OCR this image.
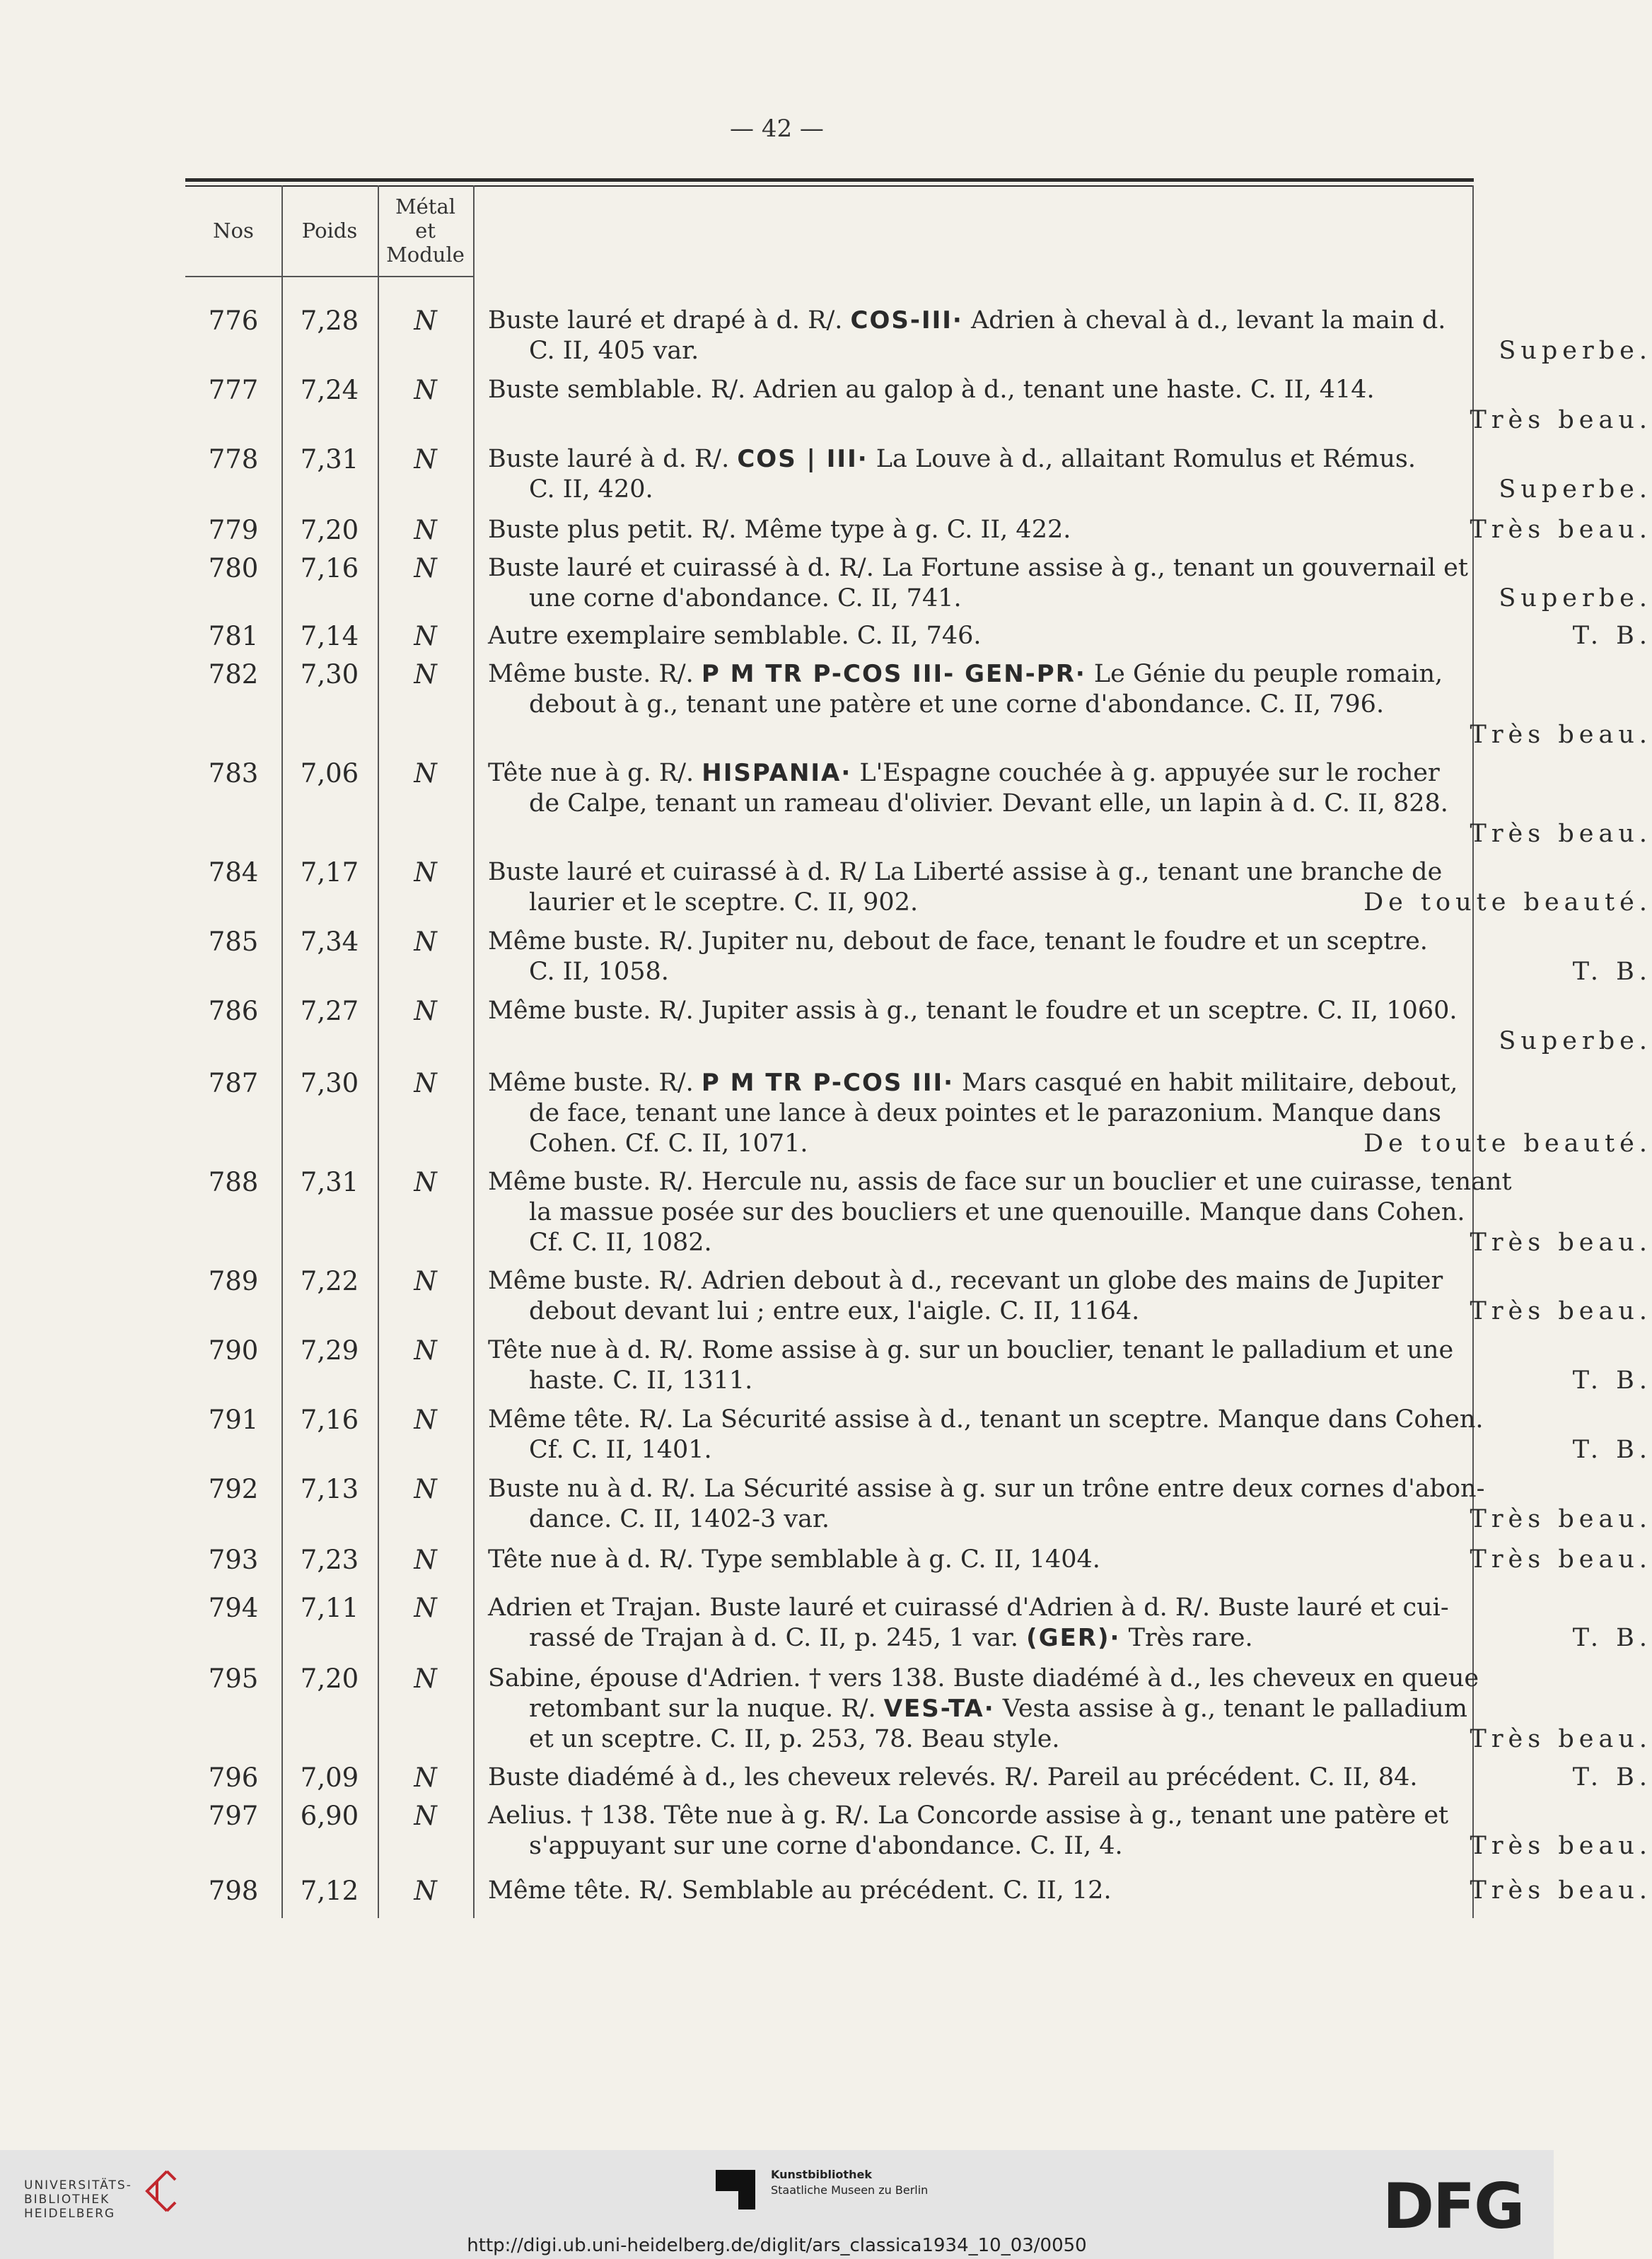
— 42 —
Nos	Poids
Métal
et
Module
776	7,28	N	Buste lauré et drapé à d. R/. COS-III· Adrien à cheval à d., levant la main d.
C. II, 405 var.	Superbe.
777	7,24	N	Buste semblable. R/. Adrien au galop à d., tenant une haste. C. II, 414.
Très beau.
778	7,31	N	Buste lauré à d. R/. COS | III· La Louve à d., allaitant Romulus et Rémus.
C. II, 420.	Superbe.
779	7,20	N	Buste plus petit. R/. Même type à g. C. II, 422.	Très beau.
780	7,16	N	Buste lauré et cuirassé à d. R/. La Fortune assise à g., tenant un gouvernail et
une corne d'abondance. C. II, 741.	Superbe.
781	7,14	N	Autre exemplaire semblable. C. II, 746.	T. B.
782	7,30	N	Même buste. R/. P M TR P-COS III- GEN-PR· Le Génie du peuple romain,
debout à g., tenant une patère et une corne d'abondance. C. II, 796.
Très beau.
783	7,06	N	Tête nue à g. R/. HISPANIA· L'Espagne couchée à g. appuyée sur le rocher
de Calpe, tenant un rameau d'olivier. Devant elle, un lapin à d. C. II, 828.
Très beau.
784	7,17	N	Buste lauré et cuirassé à d. R/ La Liberté assise à g., tenant une branche de
laurier et le sceptre. C. II, 902.	De toute beauté.
785	7,34	N	Même buste. R/. Jupiter nu, debout de face, tenant le foudre et un sceptre.
C. II, 1058.	T. B.
786	7,27	N	Même buste. R/. Jupiter assis à g., tenant le foudre et un sceptre. C. II, 1060.
Superbe.
787	7,30	N	Même buste. R/. P M TR P-COS III· Mars casqué en habit militaire, debout,
de face, tenant une lance à deux pointes et le parazonium. Manque dans
Cohen. Cf. C. II, 1071.	De toute beauté.
788	7,31	N	Même buste. R/. Hercule nu, assis de face sur un bouclier et une cuirasse, tenant
la massue posée sur des boucliers et une quenouille. Manque dans Cohen.
Cf. C. II, 1082.	Très beau.
789	7,22	N	Même buste. R/. Adrien debout à d., recevant un globe des mains de Jupiter
debout devant lui ; entre eux, l'aigle. C. II, 1164.	Très beau.
790	7,29	N	Tête nue à d. R/. Rome assise à g. sur un bouclier, tenant le palladium et une
haste. C. II, 1311.	T. B.
791	7,16	N	Même tête. R/. La Sécurité assise à d., tenant un sceptre. Manque dans Cohen.
Cf. C. II, 1401.	T. B.
792	7,13	N	Buste nu à d. R/. La Sécurité assise à g. sur un trône entre deux cornes d'abon-
dance. C. II, 1402-3 var.	Très beau.
793	7,23	N	Tête nue à d. R/. Type semblable à g. C. II, 1404.	Très beau.
794	7,11	N	Adrien et Trajan. Buste lauré et cuirassé d'Adrien à d. R/. Buste lauré et cui-
rassé de Trajan à d. C. II, p. 245, 1 var. (GER)· Très rare.	T. B.
795	7,20	N	Sabine, épouse d'Adrien. † vers 138. Buste diadémé à d., les cheveux en queue
retombant sur la nuque. R/. VES-TA· Vesta assise à g., tenant le palladium
et un sceptre. C. II, p. 253, 78. Beau style.	Très beau.
796	7,09	N	Buste diadémé à d., les cheveux relevés. R/. Pareil au précédent. C. II, 84.	T. B.
797	6,90	N	Aelius. † 138. Tête nue à g. R/. La Concorde assise à g., tenant une patère et
s'appuyant sur une corne d'abondance. C. II, 4.	Très beau.
798	7,12	N	Même tête. R/. Semblable au précédent. C. II, 12.	Très beau.
UNIVERSITÄTS-
BIBLIOTHEK
HEIDELBERG
Kunstbibliothek
Staatliche Museen zu Berlin	DFG
http://digi.ub.uni-heidelberg.de/diglit/ars_classica1934_10_03/0050
